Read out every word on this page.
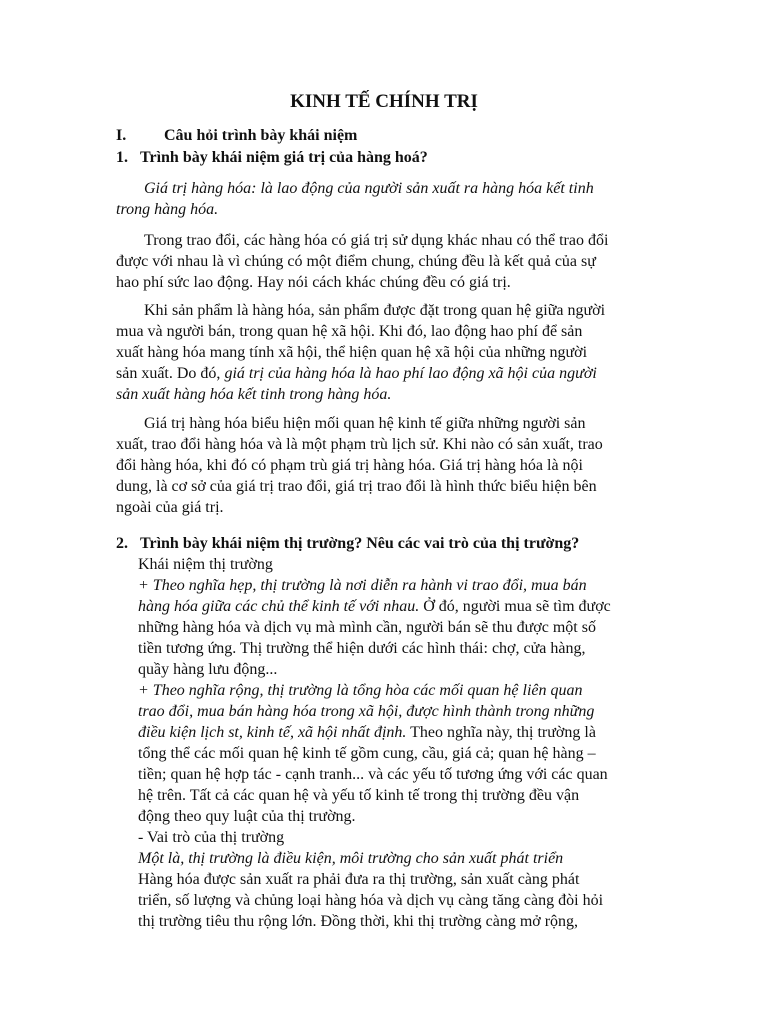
KINH TẾ CHÍNH TRỊ
I. Câu hỏi trình bày khái niệm
1. Trình bày khái niệm giá trị của hàng hoá?
Giá trị hàng hóa: là lao động của người sản xuất ra hàng hóa kết tinh
trong hàng hóa.
Trong trao đổi, các hàng hóa có giá trị sử dụng khác nhau có thể trao đổi
được với nhau là vì chúng có một điểm chung, chúng đều là kết quả của sự
hao phí sức lao động. Hay nói cách khác chúng đều có giá trị.
Khi sản phẩm là hàng hóa, sản phẩm được đặt trong quan hệ giữa người
mua và người bán, trong quan hệ xã hội. Khi đó, lao động hao phí để sản
xuất hàng hóa mang tính xã hội, thể hiện quan hệ xã hội của những người
sản xuất. Do đó, giá trị của hàng hóa là hao phí lao động xã hội của người
sản xuất hàng hóa kết tinh trong hàng hóa.
Giá trị hàng hóa biểu hiện mối quan hệ kinh tế giữa những người sản
xuất, trao đổi hàng hóa và là một phạm trù lịch sử. Khi nào có sản xuất, trao
đổi hàng hóa, khi đó có phạm trù giá trị hàng hóa. Giá trị hàng hóa là nội
dung, là cơ sở của giá trị trao đổi, giá trị trao đổi là hình thức biểu hiện bên
ngoài của giá trị.
2. Trình bày khái niệm thị trường? Nêu các vai trò của thị trường?
Khái niệm thị trường
+ Theo nghĩa hẹp, thị trường là nơi diễn ra hành vi trao đổi, mua bán
hàng hóa giữa các chủ thể kinh tế với nhau. Ở đó, người mua sẽ tìm được
những hàng hóa và dịch vụ mà mình cần, người bán sẽ thu được một số
tiền tương ứng. Thị trường thể hiện dưới các hình thái: chợ, cửa hàng,
quầy hàng lưu động...
+ Theo nghĩa rộng, thị trường là tổng hòa các mối quan hệ liên quan
trao đổi, mua bán hàng hóa trong xã hội, được hình thành trong những
điều kiện lịch st, kinh tế, xã hội nhất định. Theo nghĩa này, thị trường là
tổng thể các mối quan hệ kinh tế gồm cung, cầu, giá cả; quan hệ hàng –
tiền; quan hệ hợp tác - cạnh tranh... và các yếu tố tương ứng với các quan
hệ trên. Tất cả các quan hệ và yếu tố kinh tế trong thị trường đều vận
động theo quy luật của thị trường.
- Vai trò của thị trường
Một là, thị trường là điều kiện, môi trường cho sản xuất phát triển
Hàng hóa được sản xuất ra phải đưa ra thị trường, sản xuất càng phát
triển, số lượng và chủng loại hàng hóa và dịch vụ càng tăng càng đòi hỏi
thị trường tiêu thu rộng lớn. Đồng thời, khi thị trường càng mở rộng,
